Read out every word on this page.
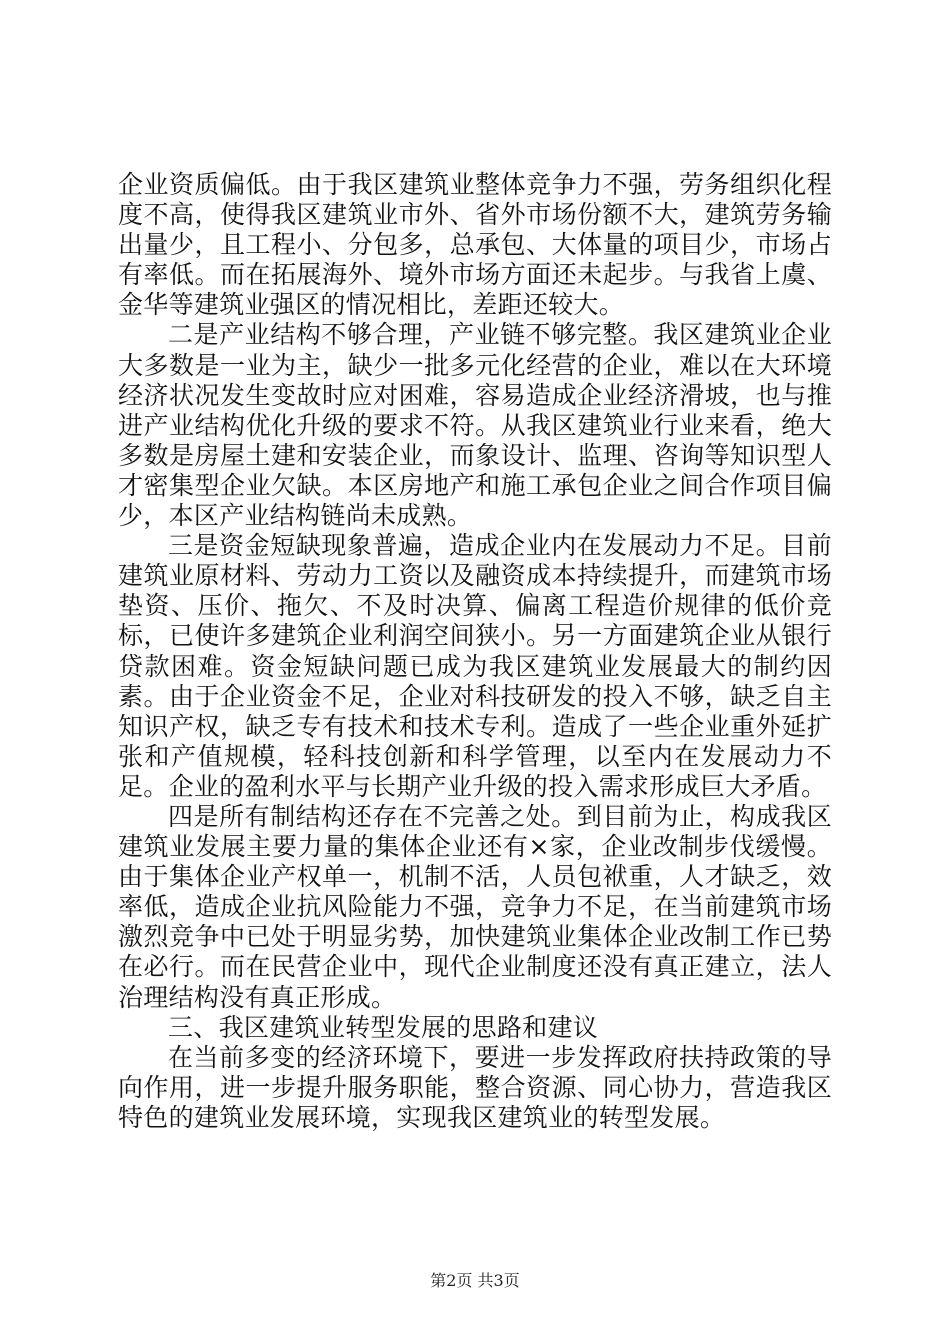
企业资质偏低。由于我区建筑业整体竞争力不强，劳务组织化程度不高，使得我区建筑业市外、省外市场份额不大，建筑劳务输出量少，且工程小、分包多，总承包、大体量的项目少，市场占有率低。而在拓展海外、境外市场方面还未起步。与我省上虞、金华等建筑业强区的情况相比，差距还较大。

二是产业结构不够合理，产业链不够完整。我区建筑业企业大多数是一业为主，缺少一批多元化经营的企业，难以在大环境经济状况发生变故时应对困难，容易造成企业经济滑坡，也与推进产业结构优化升级的要求不符。从我区建筑业行业来看，绝大多数是房屋土建和安装企业，而象设计、监理、咨询等知识型人才密集型企业欠缺。本区房地产和施工承包企业之间合作项目偏少，本区产业结构链尚未成熟。

三是资金短缺现象普遍，造成企业内在发展动力不足。目前建筑业原材料、劳动力工资以及融资成本持续提升，而建筑市场垫资、压价、拖欠、不及时决算、偏离工程造价规律的低价竞标，已使许多建筑企业利润空间狭小。另一方面建筑企业从银行贷款困难。资金短缺问题已成为我区建筑业发展最大的制约因素。由于企业资金不足，企业对科技研发的投入不够，缺乏自主知识产权，缺乏专有技术和技术专利。造成了一些企业重外延扩张和产值规模，轻科技创新和科学管理，以至内在发展动力不足。企业的盈利水平与长期产业升级的投入需求形成巨大矛盾。

四是所有制结构还存在不完善之处。到目前为止，构成我区建筑业发展主要力量的集体企业还有×家，企业改制步伐缓慢。由于集体企业产权单一，机制不活，人员包袱重，人才缺乏，效率低，造成企业抗风险能力不强，竞争力不足，在当前建筑市场激烈竞争中已处于明显劣势，加快建筑业集体企业改制工作已势在必行。而在民营企业中，现代企业制度还没有真正建立，法人治理结构没有真正形成。

三、我区建筑业转型发展的思路和建议

在当前多变的经济环境下，要进一步发挥政府扶持政策的导向作用，进一步提升服务职能，整合资源、同心协力，营造我区特色的建筑业发展环境，实现我区建筑业的转型发展。

第2页 共3页
